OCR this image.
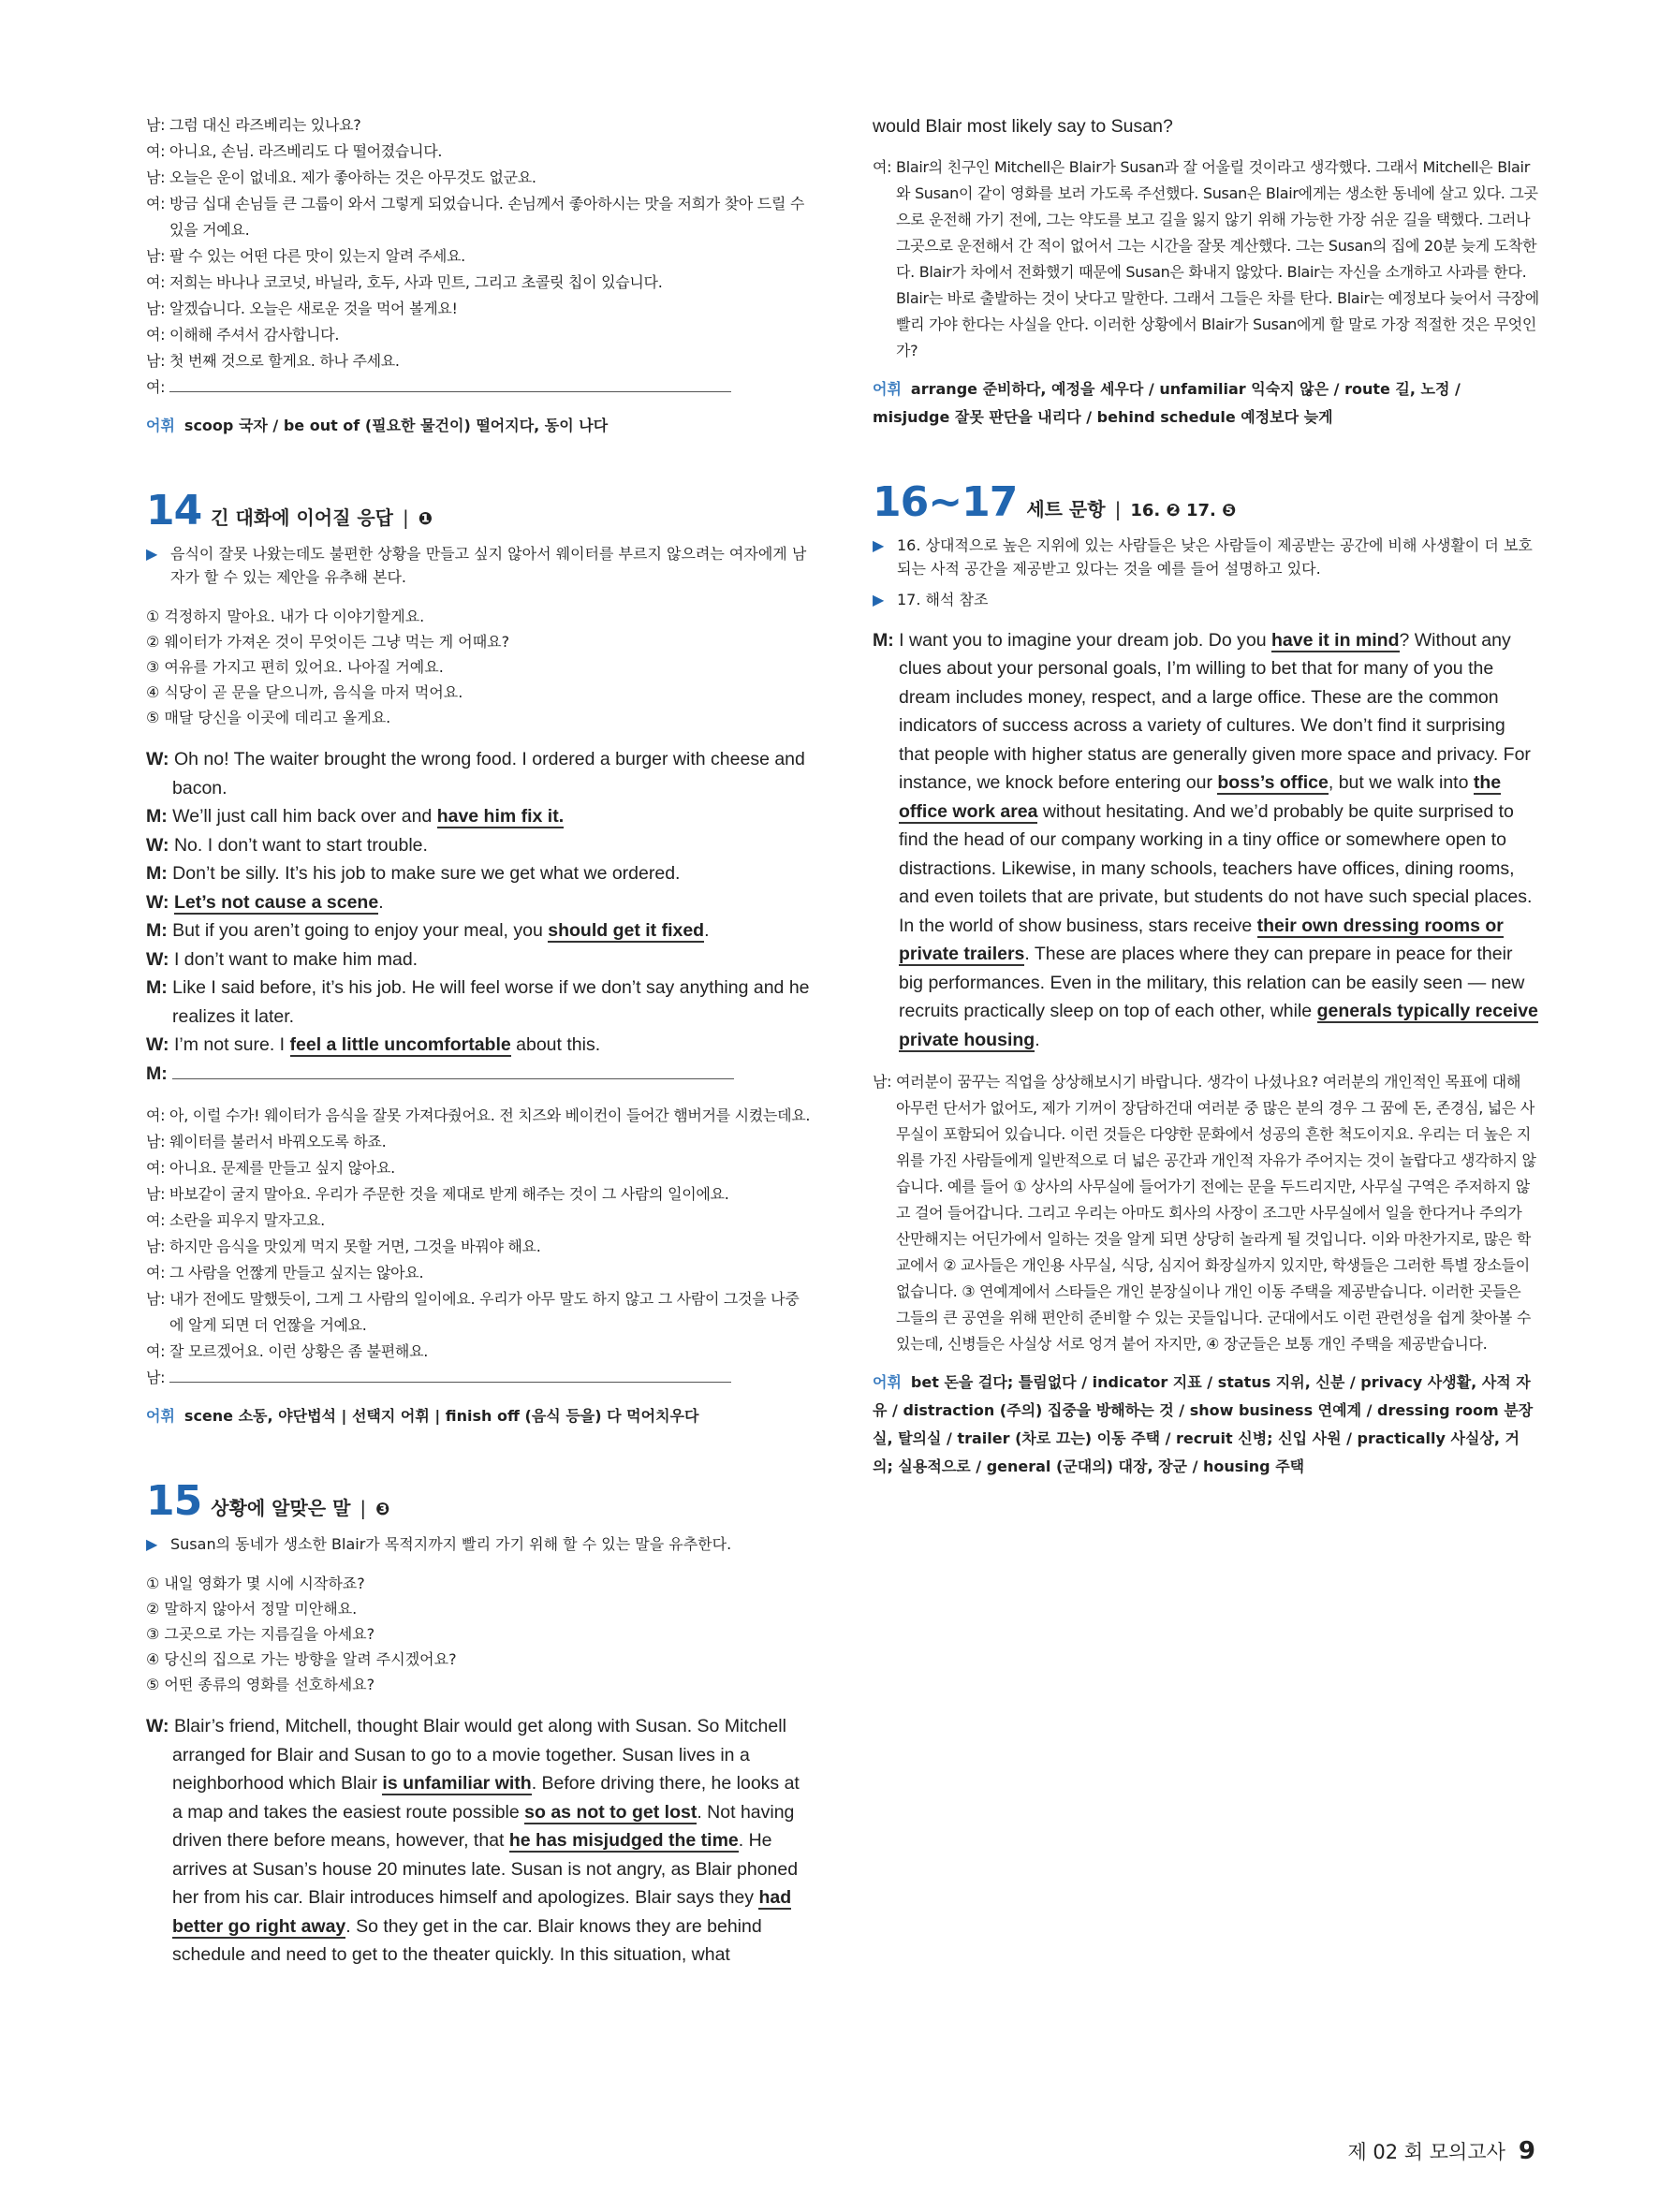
남: 그럼 대신 라즈베리는 있나요?

여: 아니요, 손님. 라즈베리도 다 떨어졌습니다.

남: 오늘은 운이 없네요. 제가 좋아하는 것은 아무것도 없군요.

여: 방금 십대 손님들 큰 그룹이 와서 그렇게 되었습니다. 손님께서 좋아하시는 맛을 저희가 찾아 드릴 수 있을 거예요.

남: 팔 수 있는 어떤 다른 맛이 있는지 알려 주세요.

여: 저희는 바나나 코코넛, 바닐라, 호두, 사과 민트, 그리고 초콜릿 칩이 있습니다.

남: 알겠습니다. 오늘은 새로운 것을 먹어 볼게요!

여: 이해해 주셔서 감사합니다.

남: 첫 번째 것으로 할게요. 하나 주세요.

여:

어휘 scoop 국자 / be out of (필요한 물건이) 떨어지다, 동이 나다
14 긴 대화에 이어질 응답 | ❶
▶ 음식이 잘못 나왔는데도 불편한 상황을 만들고 싶지 않아서 웨이터를 부르지 않으려는 여자에게 남자가 할 수 있는 제안을 유추해 본다.

① 걱정하지 말아요. 내가 다 이야기할게요.

② 웨이터가 가져온 것이 무엇이든 그냥 먹는 게 어때요?

③ 여유를 가지고 편히 있어요. 나아질 거예요.

④ 식당이 곧 문을 닫으니까, 음식을 마저 먹어요.

⑤ 매달 당신을 이곳에 데리고 올게요.

W: Oh no! The waiter brought the wrong food. I ordered a burger with cheese and bacon.

M: We’ll just call him back over and have him fix it.

W: No. I don’t want to start trouble.

M: Don’t be silly. It’s his job to make sure we get what we ordered.

W: Let’s not cause a scene.

M: But if you aren’t going to enjoy your meal, you should get it fixed.

W: I don’t want to make him mad.

M: Like I said before, it’s his job. He will feel worse if we don’t say anything and he realizes it later.

W: I’m not sure. I feel a little uncomfortable about this.

M:

여: 아, 이럴 수가! 웨이터가 음식을 잘못 가져다줬어요. 전 치즈와 베이컨이 들어간 햄버거를 시켰는데요.

남: 웨이터를 불러서 바꿔오도록 하죠.

여: 아니요. 문제를 만들고 싶지 않아요.

남: 바보같이 굴지 말아요. 우리가 주문한 것을 제대로 받게 해주는 것이 그 사람의 일이에요.

여: 소란을 피우지 말자고요.

남: 하지만 음식을 맛있게 먹지 못할 거면, 그것을 바꿔야 해요.

여: 그 사람을 언짢게 만들고 싶지는 않아요.

남: 내가 전에도 말했듯이, 그게 그 사람의 일이에요. 우리가 아무 말도 하지 않고 그 사람이 그것을 나중에 알게 되면 더 언짢을 거예요.

여: 잘 모르겠어요. 이런 상황은 좀 불편해요.

남:

어휘 scene 소동, 야단법석 | 선택지 어휘 | finish off (음식 등을) 다 먹어치우다
15 상황에 알맞은 말 | ❸
▶ Susan의 동네가 생소한 Blair가 목적지까지 빨리 가기 위해 할 수 있는 말을 유추한다.

① 내일 영화가 몇 시에 시작하죠?

② 말하지 않아서 정말 미안해요.

③ 그곳으로 가는 지름길을 아세요?

④ 당신의 집으로 가는 방향을 알려 주시겠어요?

⑤ 어떤 종류의 영화를 선호하세요?

W: Blair’s friend, Mitchell, thought Blair would get along with Susan. So Mitchell arranged for Blair and Susan to go to a movie together. Susan lives in a neighborhood which Blair is unfamiliar with. Before driving there, he looks at a map and takes the easiest route possible so as not to get lost. Not having driven there before means, however, that he has misjudged the time. He arrives at Susan’s house 20 minutes late. Susan is not angry, as Blair phoned her from his car. Blair introduces himself and apologizes. Blair says they had better go right away. So they get in the car. Blair knows they are behind schedule and need to get to the theater quickly. In this situation, what

would Blair most likely say to Susan?

여: Blair의 친구인 Mitchell은 Blair가 Susan과 잘 어울릴 것이라고 생각했다. 그래서 Mitchell은 Blair와 Susan이 같이 영화를 보러 가도록 주선했다. Susan은 Blair에게는 생소한 동네에 살고 있다. 그곳으로 운전해 가기 전에, 그는 약도를 보고 길을 잃지 않기 위해 가능한 가장 쉬운 길을 택했다. 그러나 그곳으로 운전해서 간 적이 없어서 그는 시간을 잘못 계산했다. 그는 Susan의 집에 20분 늦게 도착한다. Blair가 차에서 전화했기 때문에 Susan은 화내지 않았다. Blair는 자신을 소개하고 사과를 한다. Blair는 바로 출발하는 것이 낫다고 말한다. 그래서 그들은 차를 탄다. Blair는 예정보다 늦어서 극장에 빨리 가야 한다는 사실을 안다. 이러한 상황에서 Blair가 Susan에게 할 말로 가장 적절한 것은 무엇인가?

어휘 arrange 준비하다, 예정을 세우다 / unfamiliar 익숙지 않은 / route 길, 노정 / misjudge 잘못 판단을 내리다 / behind schedule 예정보다 늦게
16~17 세트 문항 | 16. ❷ 17. ❺
▶ 16. 상대적으로 높은 지위에 있는 사람들은 낮은 사람들이 제공받는 공간에 비해 사생활이 더 보호되는 사적 공간을 제공받고 있다는 것을 예를 들어 설명하고 있다.
▶ 17. 해석 참조

M: I want you to imagine your dream job. Do you have it in mind? Without any clues about your personal goals, I’m willing to bet that for many of you the dream includes money, respect, and a large office. These are the common indicators of success across a variety of cultures. We don’t find it surprising that people with higher status are generally given more space and privacy. For instance, we knock before entering our boss’s office, but we walk into the office work area without hesitating. And we’d probably be quite surprised to find the head of our company working in a tiny office or somewhere open to distractions. Likewise, in many schools, teachers have offices, dining rooms, and even toilets that are private, but students do not have such special places. In the world of show business, stars receive their own dressing rooms or private trailers. These are places where they can prepare in peace for their big performances. Even in the military, this relation can be easily seen — new recruits practically sleep on top of each other, while generals typically receive private housing.

남: 여러분이 꿈꾸는 직업을 상상해보시기 바랍니다. 생각이 나셨나요? 여러분의 개인적인 목표에 대해 아무런 단서가 없어도, 제가 기꺼이 장담하건대 여러분 중 많은 분의 경우 그 꿈에 돈, 존경심, 넓은 사무실이 포함되어 있습니다. 이런 것들은 다양한 문화에서 성공의 흔한 척도이지요. 우리는 더 높은 지위를 가진 사람들에게 일반적으로 더 넓은 공간과 개인적 자유가 주어지는 것이 놀랍다고 생각하지 않습니다. 예를 들어 ① 상사의 사무실에 들어가기 전에는 문을 두드리지만, 사무실 구역은 주저하지 않고 걸어 들어갑니다. 그리고 우리는 아마도 회사의 사장이 조그만 사무실에서 일을 한다거나 주의가 산만해지는 어딘가에서 일하는 것을 알게 되면 상당히 놀라게 될 것입니다. 이와 마찬가지로, 많은 학교에서 ② 교사들은 개인용 사무실, 식당, 심지어 화장실까지 있지만, 학생들은 그러한 특별 장소들이 없습니다. ③ 연예계에서 스타들은 개인 분장실이나 개인 이동 주택을 제공받습니다. 이러한 곳들은 그들의 큰 공연을 위해 편안히 준비할 수 있는 곳들입니다. 군대에서도 이런 관련성을 쉽게 찾아볼 수 있는데, 신병들은 사실상 서로 엉겨 붙어 자지만, ④ 장군들은 보통 개인 주택을 제공받습니다.

어휘 bet 돈을 걸다; 틀림없다 / indicator 지표 / status 지위, 신분 / privacy 사생활, 사적 자유 / distraction (주의) 집중을 방해하는 것 / show business 연예계 / dressing room 분장실, 탈의실 / trailer (차로 끄는) 이동 주택 / recruit 신병; 신입 사원 / practically 사실상, 거의; 실용적으로 / general (군대의) 대장, 장군 / housing 주택
제 02 회 모의고사 9
